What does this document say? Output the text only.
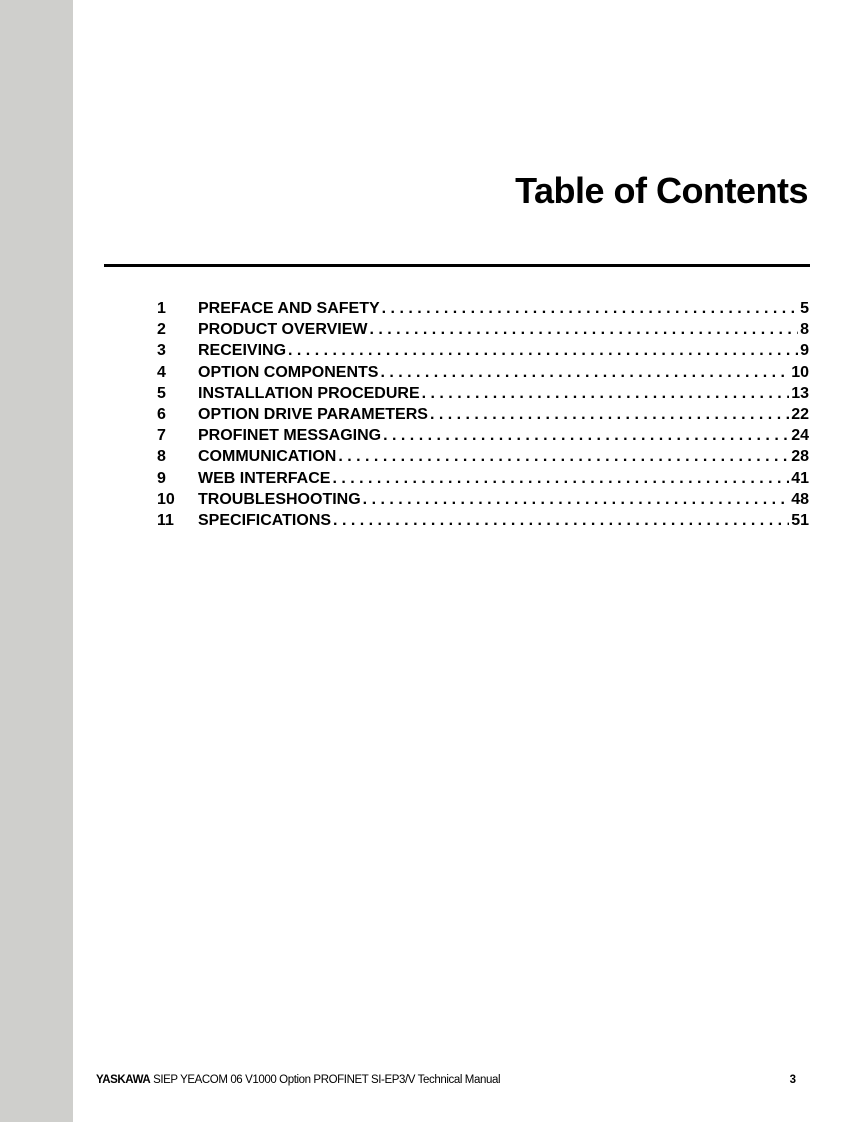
Table of Contents
1	PREFACE AND SAFETY . . .	5
2	PRODUCT OVERVIEW . . .	8
3	RECEIVING . . .	9
4	OPTION COMPONENTS . . .	10
5	INSTALLATION PROCEDURE . . .	13
6	OPTION DRIVE PARAMETERS . . .	22
7	PROFINET MESSAGING . . .	24
8	COMMUNICATION . . .	28
9	WEB INTERFACE . . .	41
10	TROUBLESHOOTING . . .	48
11	SPECIFICATIONS . . .	51
YASKAWA SIEP YEACOM 06 V1000 Option PROFINET SI-EP3/V Technical Manual	3
